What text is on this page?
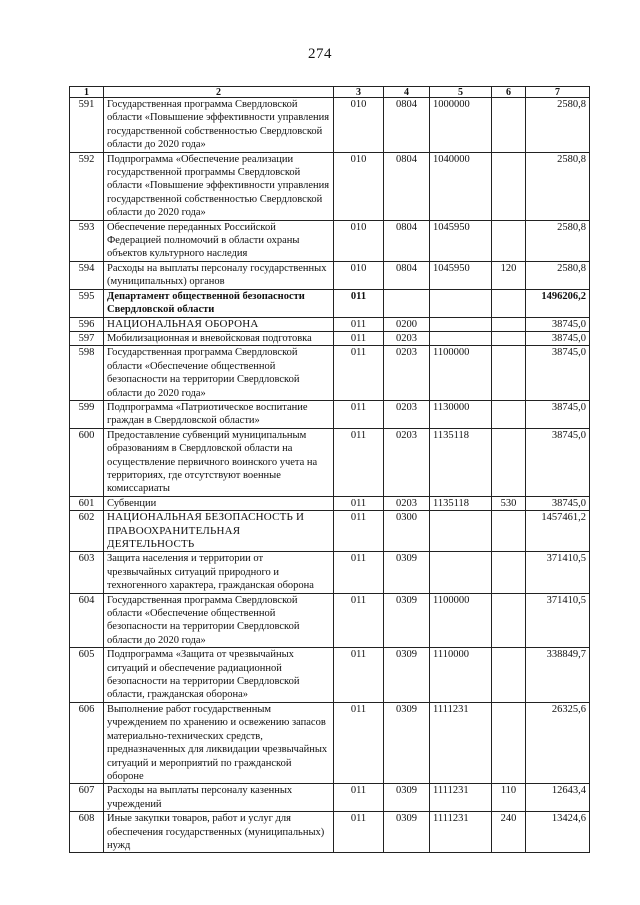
274
1	2	3	4	5	6	7
591	Государственная программа Свердловской области «Повышение эффективности управления государственной собственностью Свердловской области до 2020 года»	010	0804	1000000		2580,8
592	Подпрограмма «Обеспечение реализации государственной программы Свердловской области «Повышение эффективности управления государственной собственностью Свердловской области до 2020 года»	010	0804	1040000		2580,8
593	Обеспечение переданных Российской Федерацией полномочий в области охраны объектов культурного наследия	010	0804	1045950		2580,8
594	Расходы на выплаты персоналу государственных (муниципальных) органов	010	0804	1045950	120	2580,8
595	Департамент общественной безопасности Свердловской области	011				1496206,2
596	НАЦИОНАЛЬНАЯ ОБОРОНА	011	0200			38745,0
597	Мобилизационная и вневойсковая подготовка	011	0203			38745,0
598	Государственная программа Свердловской области «Обеспечение общественной безопасности на территории Свердловской области до 2020 года»	011	0203	1100000		38745,0
599	Подпрограмма «Патриотическое воспитание граждан в Свердловской области»	011	0203	1130000		38745,0
600	Предоставление субвенций муниципальным образованиям в Свердловской области на осуществление первичного воинского учета на территориях, где отсутствуют военные комиссариаты	011	0203	1135118		38745,0
601	Субвенции	011	0203	1135118	530	38745,0
602	НАЦИОНАЛЬНАЯ БЕЗОПАСНОСТЬ И ПРАВООХРАНИТЕЛЬНАЯ ДЕЯТЕЛЬНОСТЬ	011	0300			1457461,2
603	Защита населения и территории от чрезвычайных ситуаций природного и техногенного характера, гражданская оборона	011	0309			371410,5
604	Государственная программа Свердловской области «Обеспечение общественной безопасности на территории Свердловской области до 2020 года»	011	0309	1100000		371410,5
605	Подпрограмма «Защита от чрезвычайных ситуаций и обеспечение радиационной безопасности на территории Свердловской области, гражданская оборона»	011	0309	1110000		338849,7
606	Выполнение работ государственным учреждением по хранению и освежению запасов материально-технических средств, предназначенных для ликвидации чрезвычайных ситуаций и мероприятий по гражданской обороне	011	0309	1111231		26325,6
607	Расходы на выплаты персоналу казенных учреждений	011	0309	1111231	110	12643,4
608	Иные закупки товаров, работ и услуг для обеспечения государственных (муниципальных) нужд	011	0309	1111231	240	13424,6
